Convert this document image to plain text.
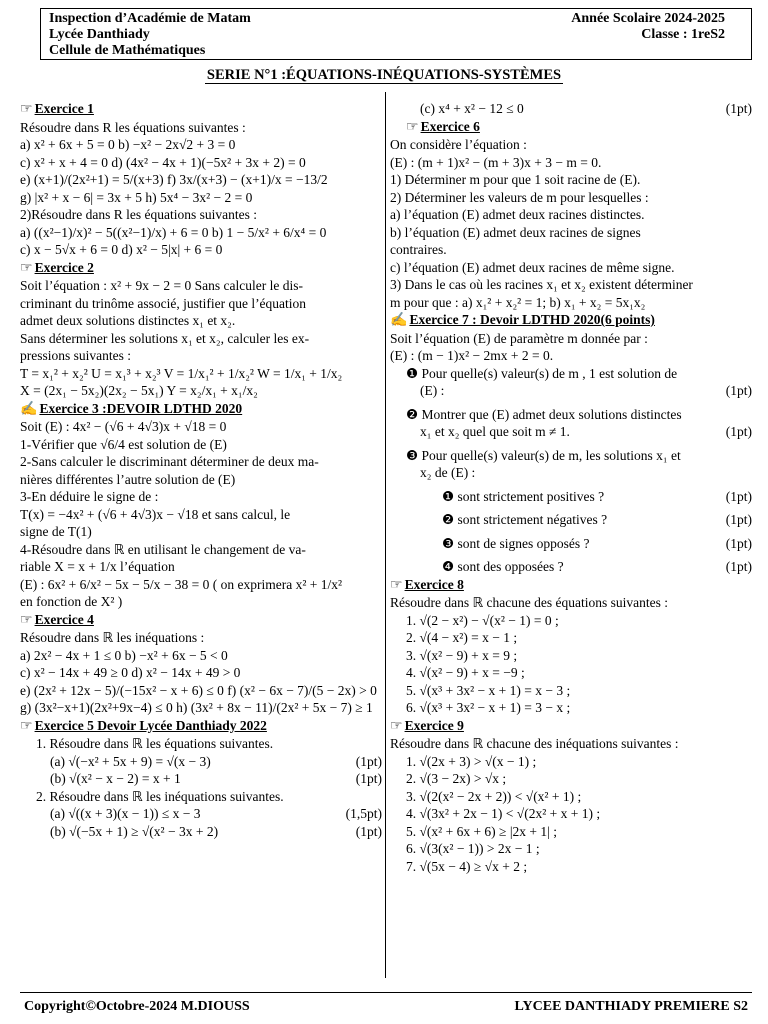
Inspection d’Académie de Matam
Lycée Danthiady
Cellule de Mathématiques
Année Scolaire 2024-2025
Classe : 1reS2
SERIE N°1 :ÉQUATIONS-INÉQUATIONS-SYSTÈMES
☞ Exercice 1
Résoudre dans R les équations suivantes :
a) x² + 6x + 5 = 0 b) −x² − 2x√2 + 3 = 0
c) x² + x + 4 = 0 d) (4x² − 4x + 1)(−5x² + 3x + 2) = 0
e) (x+1)/(2x²+1) = 5/(x+3) f) 3x/(x+3) − (x+1)/x = −13/2
g) |x² + x − 6| = 3x + 5 h) 5x⁴ − 3x² − 2 = 0
2)Résoudre dans R les équations suivantes :
a) ((x²−1)/x)² − 5((x²−1)/x) + 6 = 0 b) 1 − 5/x² + 6/x⁴ = 0
c) x − 5√x + 6 = 0 d) x² − 5|x| + 6 = 0
☞ Exercice 2
Soit l’équation : x² + 9x − 2 = 0 Sans calculer le dis-
criminant du trinôme associé, justifier que l’équation
admet deux solutions distinctes x₁ et x₂.
Sans déterminer les solutions x₁ et x₂, calculer les ex-
pressions suivantes :
T = x₁² + x₂² U = x₁³ + x₂³ V = 1/x₁² + 1/x₂² W = 1/x₁ + 1/x₂
X = (2x₁ − 5x₂)(2x₂ − 5x₁) Y = x₂/x₁ + x₁/x₂
✍ Exercice 3 :DEVOIR LDTHD 2020
Soit (E) : 4x² − (√6 + 4√3)x + √18 = 0
1-Vérifier que √6/4 est solution de (E)
2-Sans calculer le discriminant déterminer de deux ma-
nières différentes l’autre solution de (E)
3-En déduire le signe de :
T(x) = −4x² + (√6 + 4√3)x − √18 et sans calcul, le
signe de T(1)
4-Résoudre dans ℝ en utilisant le changement de va-
riable X = x + 1/x l’équation
(E) : 6x² + 6/x² − 5x − 5/x − 38 = 0 ( on exprimera x² + 1/x²
en fonction de X² )
☞ Exercice 4
Résoudre dans ℝ les inéquations :
a) 2x² − 4x + 1 ≤ 0 b) −x² + 6x − 5 < 0
c) x² − 14x + 49 ≥ 0 d) x² − 14x + 49 > 0
e) (2x² + 12x − 5)/(−15x² − x + 6) ≤ 0 f) (x² − 6x − 7)/(5 − 2x) > 0
g) (3x²−x+1)(2x²+9x−4) ≤ 0 h) (3x² + 8x − 11)/(2x² + 5x − 7) ≥ 1
☞ Exercice 5 Devoir Lycée Danthiady 2022
1. Résoudre dans ℝ les équations suivantes.
(a) √(−x² + 5x + 9) = √(x − 3)	(1pt)
(b) √(x² − x − 2) = x + 1	(1pt)
2. Résoudre dans ℝ les inéquations suivantes.
(a) √((x + 3)(x − 1)) ≤ x − 3	(1,5pt)
(b) √(−5x + 1) ≥ √(x² − 3x + 2)	(1pt)
(c) x⁴ + x² − 12 ≤ 0	(1pt)
☞ Exercice 6
On considère l’équation :
(E) : (m + 1)x² − (m + 3)x + 3 − m = 0.
1) Déterminer m pour que 1 soit racine de (E).
2) Déterminer les valeurs de m pour lesquelles :
a) l’équation (E) admet deux racines distinctes.
b) l’équation (E) admet deux racines de signes
contraires.
c) l’équation (E) admet deux racines de même signe.
3) Dans le cas où les racines x₁ et x₂ existent déterminer
m pour que : a) x₁² + x₂² = 1; b) x₁ + x₂ = 5x₁x₂
✍ Exercice 7 : Devoir LDTHD 2020(6 points)
Soit l’équation (E) de paramètre m donnée par :
(E) : (m − 1)x² − 2mx + 2 = 0.
❶ Pour quelle(s) valeur(s) de m , 1 est solution de
(E) :	(1pt)
❷ Montrer que (E) admet deux solutions distinctes
x₁ et x₂ quel que soit m ≠ 1.	(1pt)
❸ Pour quelle(s) valeur(s) de m, les solutions x₁ et
x₂ de (E) :
❶ sont strictement positives ?	(1pt)
❷ sont strictement négatives ?	(1pt)
❸ sont de signes opposés ?	(1pt)
❹ sont des opposées ?	(1pt)
☞ Exercice 8
Résoudre dans ℝ chacune des équations suivantes :
1. √(2 − x²) − √(x² − 1) = 0 ;
2. √(4 − x²) = x − 1 ;
3. √(x² − 9) + x = 9 ;
4. √(x² − 9) + x = −9 ;
5. √(x³ + 3x² − x + 1) = x − 3 ;
6. √(x³ + 3x² − x + 1) = 3 − x ;
☞ Exercice 9
Résoudre dans ℝ chacune des inéquations suivantes :
1. √(2x + 3) > √(x − 1) ;
2. √(3 − 2x) > √x ;
3. √(2(x² − 2x + 2)) < √(x² + 1) ;
4. √(3x² + 2x − 1) < √(2x² + x + 1) ;
5. √(x² + 6x + 6) ≥ |2x + 1| ;
6. √(3(x² − 1)) > 2x − 1 ;
7. √(5x − 4) ≥ √x + 2 ;
Copyright©Octobre-2024 M.DIOUSS	LYCEE DANTHIADY PREMIERE S2
